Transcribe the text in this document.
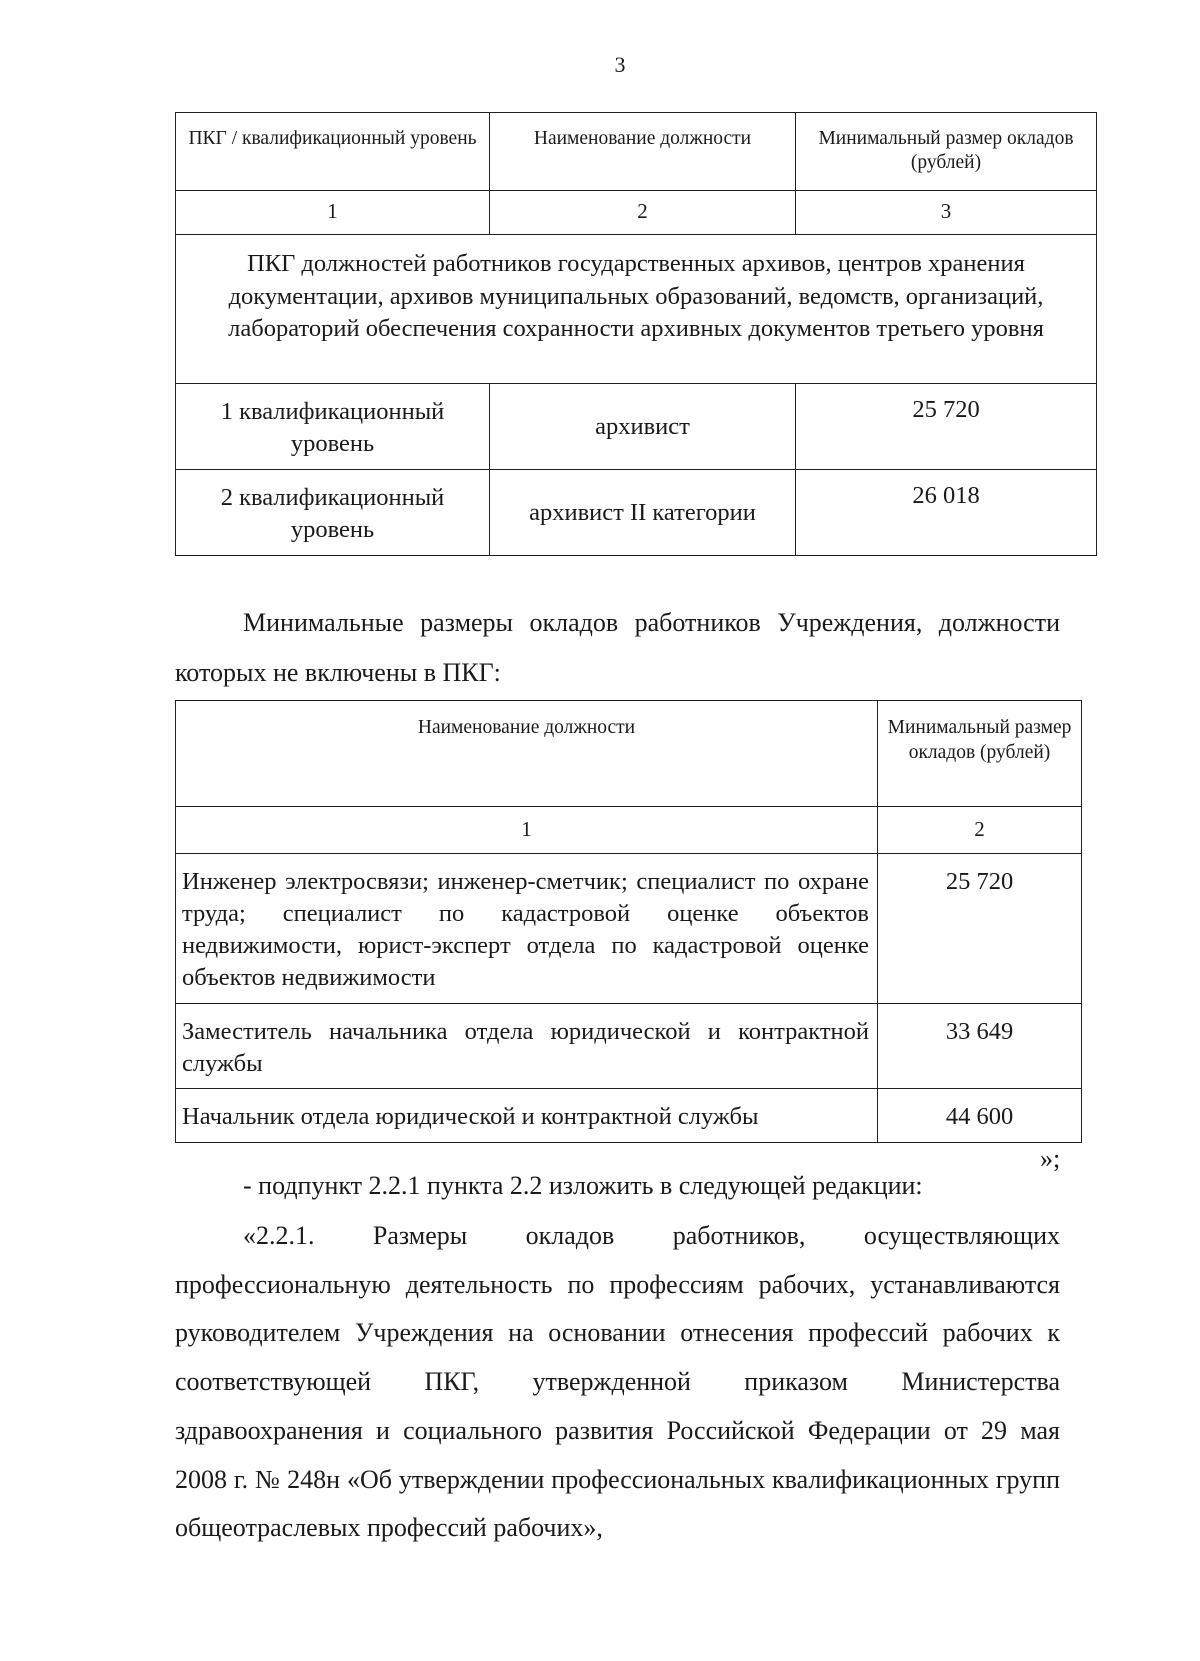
3
ПКГ / квалификационный уровень	Наименование должности	Минимальный размер окладов (рублей)
1	2	3
ПКГ должностей работников государственных архивов, центров хранения документации, архивов муниципальных образований, ведомств, организаций, лабораторий обеспечения сохранности архивных документов третьего уровня		
1 квалификационный уровень	архивист	25 720
2 квалификационный уровень	архивист II категории	26 018
Минимальные размеры окладов работников Учреждения, должности которых не включены в ПКГ:
Наименование должности	Минимальный размер окладов (рублей)
1	2
Инженер электросвязи; инженер-сметчик; специалист по охране труда; специалист по кадастровой оценке объектов недвижимости, юрист-эксперт отдела по кадастровой оценке объектов недвижимости	25 720
Заместитель начальника отдела юридической и контрактной службы	33 649
Начальник отдела юридической и контрактной службы	44 600
»;
- подпункт 2.2.1 пункта 2.2 изложить в следующей редакции:
«2.2.1. Размеры окладов работников, осуществляющих профессиональную деятельность по профессиям рабочих, устанавливаются руководителем Учреждения на основании отнесения профессий рабочих к соответствующей ПКГ, утвержденной приказом Министерства здравоохранения и социального развития Российской Федерации от 29 мая 2008 г. № 248н «Об утверждении профессиональных квалификационных групп общеотраслевых профессий рабочих»,
